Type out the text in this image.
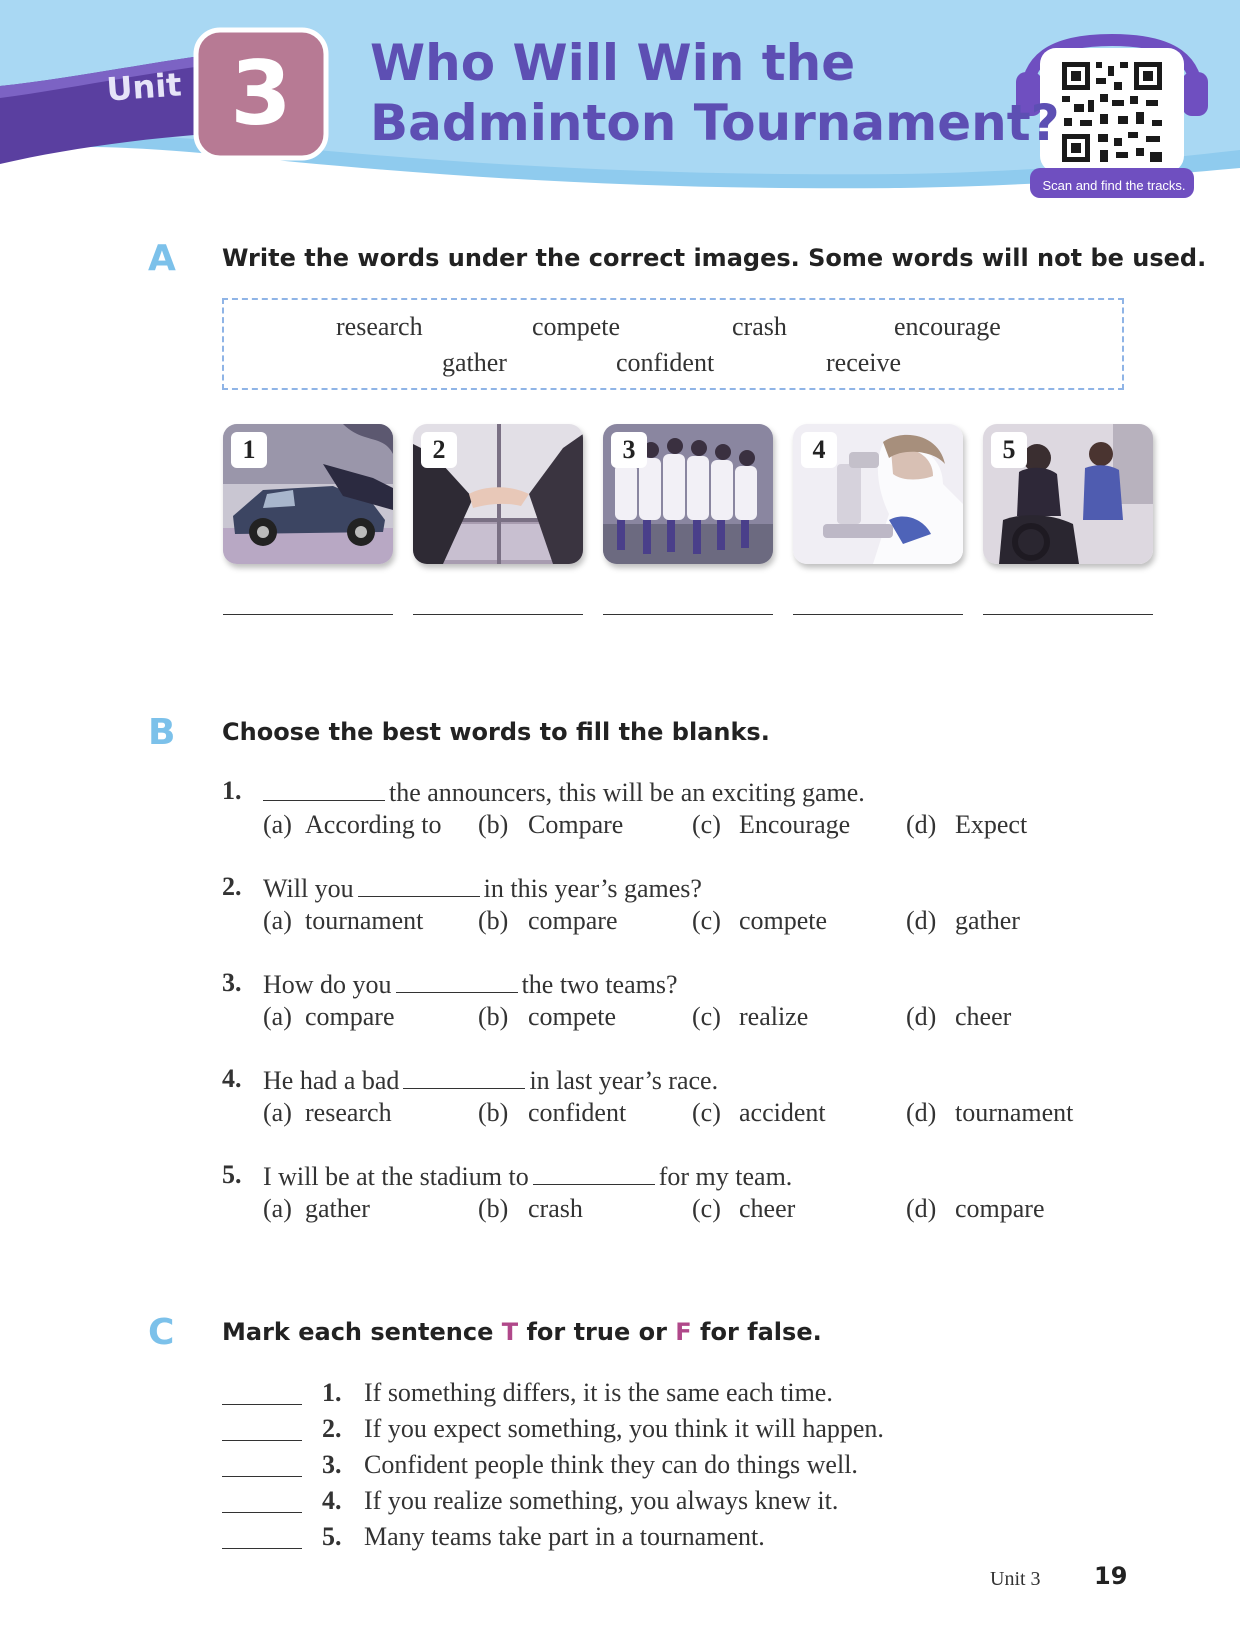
Unit 3	Who Will Win the
Badminton Tournament?
Scan and find the tracks.
A Write the words under the correct images. Some words will not be used.
research	compete	crash	encourage
gather	confident	receive
1	2	3	4	5
B Choose the best words to fill the blanks.
1.	the announcers, this will be an exciting game.
(a) According to (b) Compare	(c) Encourage (d) Expect
2. Will you	in this year’s games?
(a) tournament (b) compare	(c) compete	(d) gather
3. How do you	the two teams?
(a) compare	(b) compete	(c) realize	(d) cheer
4. He had a bad	in last year’s race.
(a) research	(b) confident	(c) accident	(d) tournament
5. I will be at the stadium to	for my team.
(a) gather	(b) crash	(c) cheer	(d) compare
C Mark each sentence T for true or F for false.
1. If something differs, it is the same each time.
2. If you expect something, you think it will happen.
3. Confident people think they can do things well.
4. If you realize something, you always knew it.
5. Many teams take part in a tournament.
Unit 3 19
